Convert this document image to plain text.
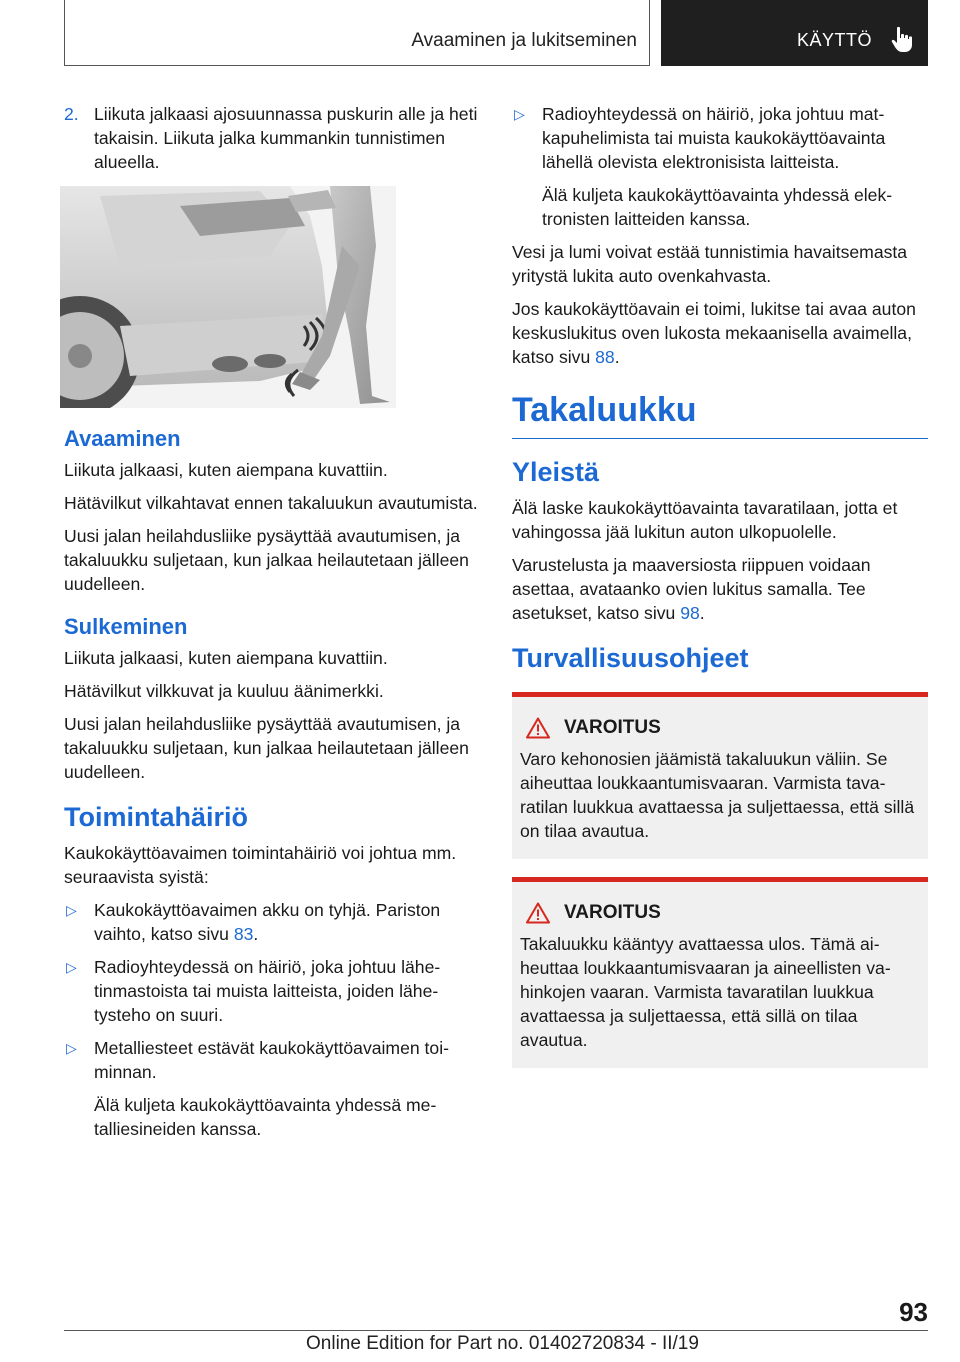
Avaaminen ja lukitseminen	KÄYTTÖ

2. Liikuta jalkaasi ajosuunnassa puskurin alle ja heti takaisin. Liikuta jalka kummankin tunnistimen alueella.

Avaaminen

Liikuta jalkaasi, kuten aiempana kuvattiin.

Hätävilkut vilkahtavat ennen takaluukun avautumista.

Uusi jalan heilahdusliike pysäyttää avautumisen, ja takaluukku suljetaan, kun jalkaa heilautetaan jälleen uudelleen.

Sulkeminen

Liikuta jalkaasi, kuten aiempana kuvattiin.

Hätävilkut vilkkuvat ja kuuluu äänimerkki.

Uusi jalan heilahdusliike pysäyttää avautumisen, ja takaluukku suljetaan, kun jalkaa heilautetaan jälleen uudelleen.

Toimintahäiriö

Kaukokäyttöavaimen toimintahäiriö voi johtua mm. seuraavista syistä:

▷ Kaukokäyttöavaimen akku on tyhjä. Pariston vaihto, katso sivu 83.

▷ Radioyhteydessä on häiriö, joka johtuu lähetinmastoista tai muista laitteista, joiden lähetysteho on suuri.

▷ Metalliesteet estävät kaukokäyttöavaimen toiminnan.

Älä kuljeta kaukokäyttöavainta yhdessä metalliesineiden kanssa.

▷ Radioyhteydessä on häiriö, joka johtuu matkapuhelimista tai muista kaukokäyttöavainta lähellä olevista elektronisista laitteista.

Älä kuljeta kaukokäyttöavainta yhdessä elektronisten laitteiden kanssa.

Vesi ja lumi voivat estää tunnistimia havaitsemasta yritystä lukita auto ovenkahvasta.

Jos kaukokäyttöavain ei toimi, lukitse tai avaa auton keskuslukitus oven lukosta mekaanisella avaimella, katso sivu 88.

Takaluukku
Yleistä

Älä laske kaukokäyttöavainta tavaratilaan, jotta et vahingossa jää lukitun auton ulkopuolelle.

Varustelusta ja maaversiosta riippuen voidaan asettaa, avataanko ovien lukitus samalla. Tee asetukset, katso sivu 98.

Turvallisuusohjeet
VAROITUS

Varo kehonosien jäämistä takaluukun väliin. Se aiheuttaa loukkaantumisvaaran. Varmista tavaratilan luukkua avattaessa ja suljettaessa, että sillä on tilaa avautua.

VAROITUS

Takaluukku kääntyy avattaessa ulos. Tämä aiheuttaa loukkaantumisvaaran ja aineellisten vahinkojen vaaran. Varmista tavaratilan luukkua avattaessa ja suljettaessa, että sillä on tilaa avautua.

93
Online Edition for Part no. 01402720834 - II/19
